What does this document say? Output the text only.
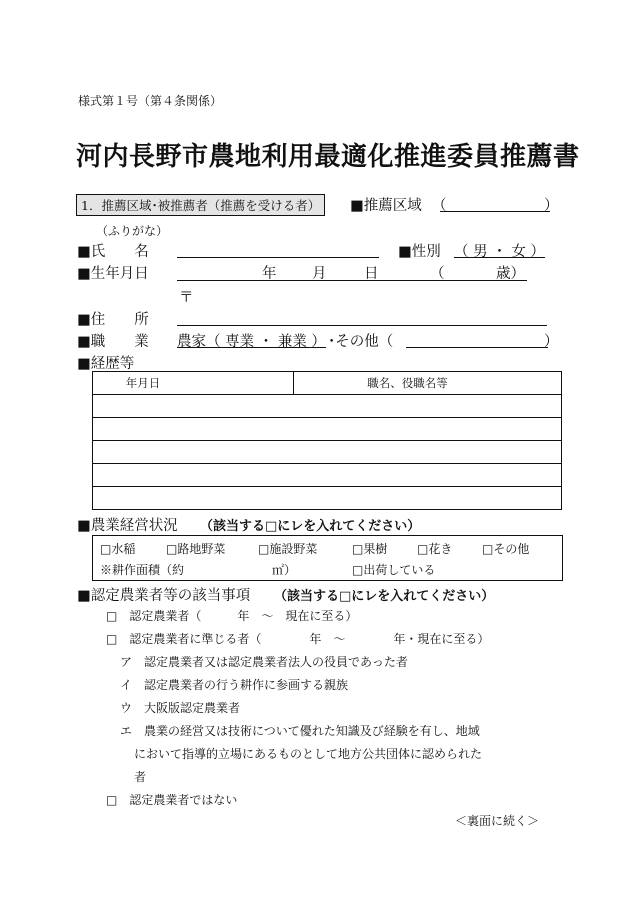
様式第１号（第４条関係）
河内長野市農地利用最適化推進委員推薦書
1．推薦区域･被推薦者（推薦を受ける者）	■推薦区域 （	）
（ふりがな）
■氏　　名	■性別 （ 男 ・ 女 ）
■生年月日	年 月	日	（	歳）
〒
■住　　所
■職　　業 農家（ 専業 ・ 兼業 ） ･その他（	）
■経歴等
年月日	職名、役職名等

■農業経営状況 （該当する□にレを入れてください）
□水稲	□路地野菜	□施設野菜	□果樹 □花き □その他
※耕作面積（約	㎡）	□出荷している
■認定農業者等の該当事項 （該当する□にレを入れてください）
□　認定農業者（　　　年　～　現在に至る）
□　認定農業者に準じる者（　　　　年　～　　　　年・現在に至る）
ア　認定農業者又は認定農業者法人の役員であった者
イ　認定農業者の行う耕作に参画する親族
ウ　大阪版認定農業者
エ　農業の経営又は技術について優れた知識及び経験を有し、地域
において指導的立場にあるものとして地方公共団体に認められた
者
□　認定農業者ではない
＜裏面に続く＞
